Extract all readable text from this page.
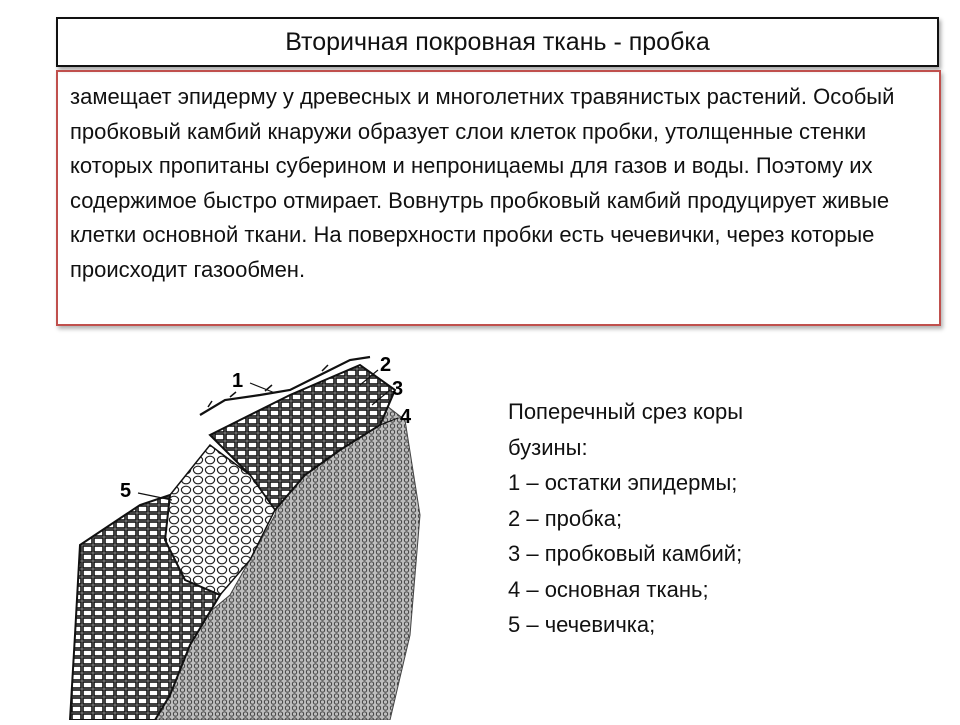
Вторичная покровная ткань - пробка
замещает эпидерму у древесных и многолетних травянистых растений. Особый пробковый камбий кнаружи образует слои клеток пробки, утолщенные стенки которых пропитаны суберином и непроницаемы для газов и воды. Поэтому их содержимое быстро отмирает. Вовнутрь пробковый камбий продуцирует живые клетки основной ткани. На поверхности пробки есть чечевички, через которые происходит газообмен.
1
2
3
4
5
Поперечный срез коры
бузины:
1 – остатки эпидермы;
2 – пробка;
3 – пробковый камбий;
4 – основная ткань;
5 – чечевичка;
